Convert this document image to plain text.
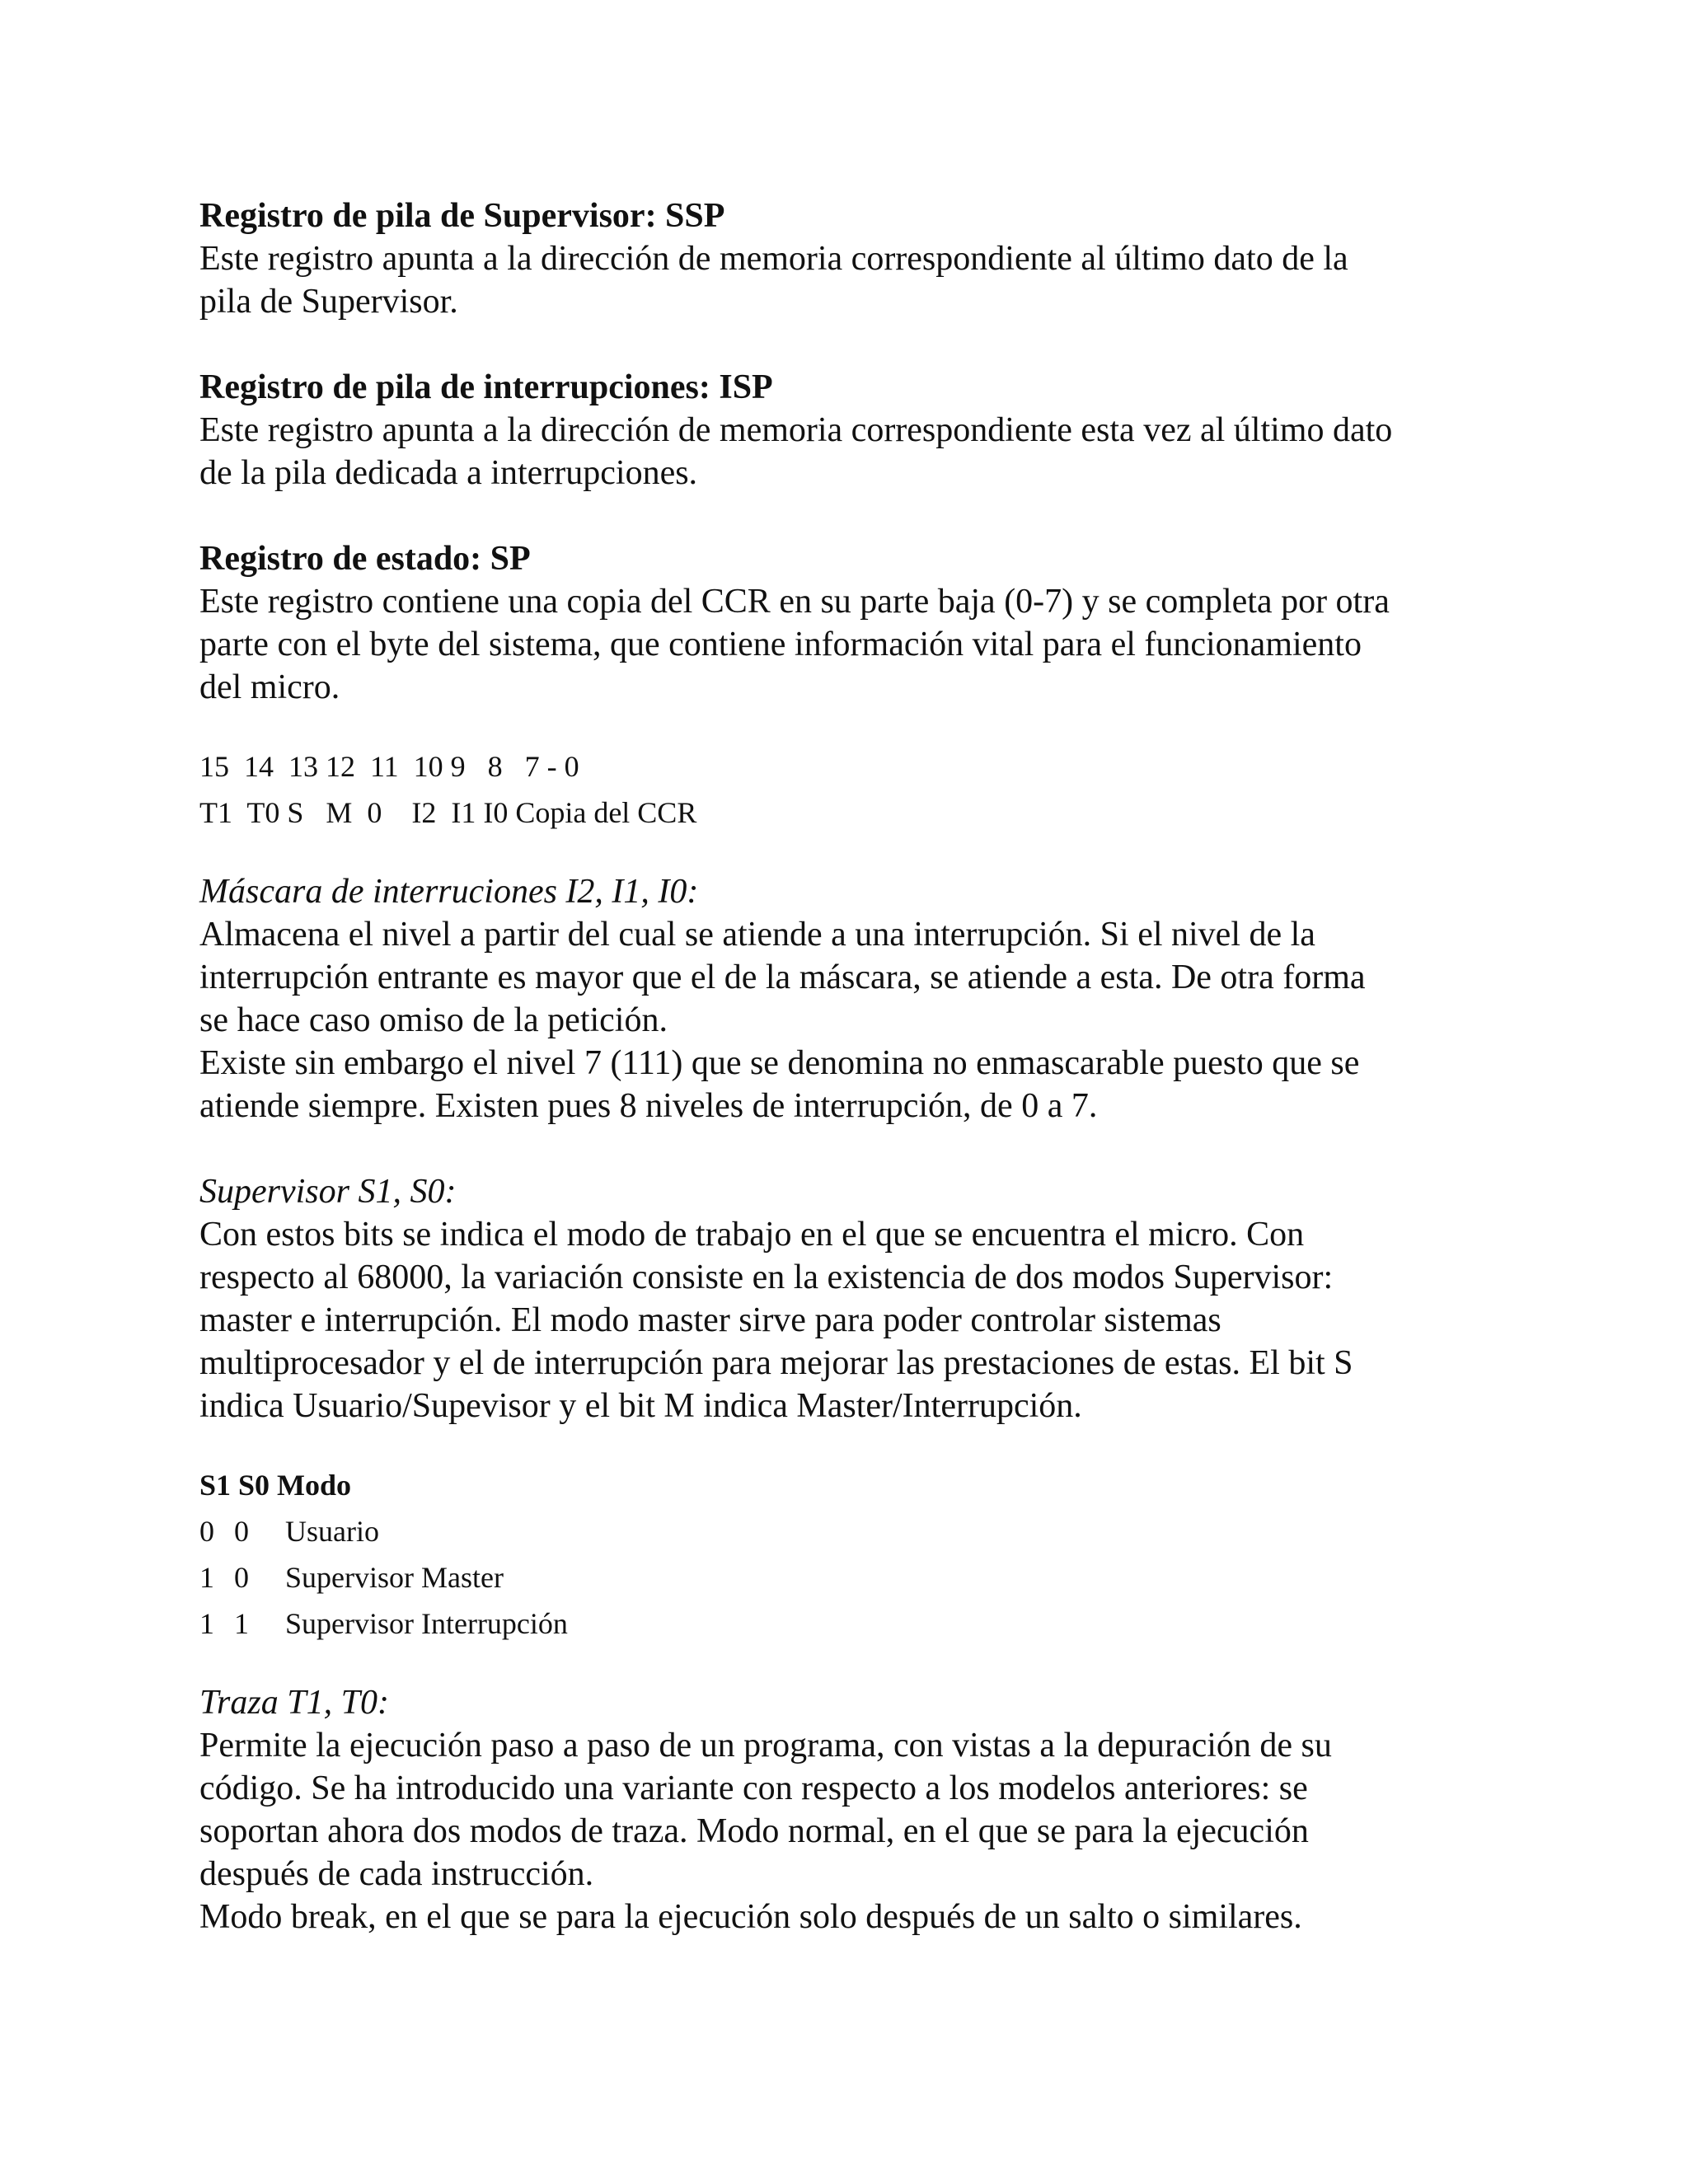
Registro de pila de Supervisor: SSP

Este registro apunta a la dirección de memoria correspondiente al último dato de la

pila de Supervisor.

Registro de pila de interrupciones: ISP

Este registro apunta a la dirección de memoria correspondiente esta vez al último dato

de la pila dedicada a interrupciones.

Registro de estado: SP

Este registro contiene una copia del CCR en su parte baja (0-7) y se completa por otra

parte con el byte del sistema, que contiene información vital para el funcionamiento

del micro.

15  14  13 12  11  10 9   8   7 - 0

T1  T0 S   M  0    I2  I1 I0 Copia del CCR

Máscara de interruciones I2, I1, I0:

Almacena el nivel a partir del cual se atiende a una interrupción. Si el nivel de la

interrupción entrante es mayor que el de la máscara, se atiende a esta. De otra forma

se hace caso omiso de la petición.

Existe sin embargo el nivel 7 (111) que se denomina no enmascarable puesto que se

atiende siempre. Existen pues 8 niveles de interrupción, de 0 a 7.

Supervisor S1, S0:

Con estos bits se indica el modo de trabajo en el que se encuentra el micro. Con

respecto al 68000, la variación consiste en la existencia de dos modos Supervisor:

master e interrupción. El modo master sirve para poder controlar sistemas

multiprocesador y el de interrupción para mejorar las prestaciones de estas. El bit S

indica Usuario/Supevisor y el bit M indica Master/Interrupción.

S1 S0 Modo

0 0	Usuario
1 0	Supervisor Master
1 1	Supervisor Interrupción

Traza T1, T0:

Permite la ejecución paso a paso de un programa, con vistas a la depuración de su

código. Se ha introducido una variante con respecto a los modelos anteriores: se

soportan ahora dos modos de traza. Modo normal, en el que se para la ejecución

después de cada instrucción.

Modo break, en el que se para la ejecución solo después de un salto o similares.
